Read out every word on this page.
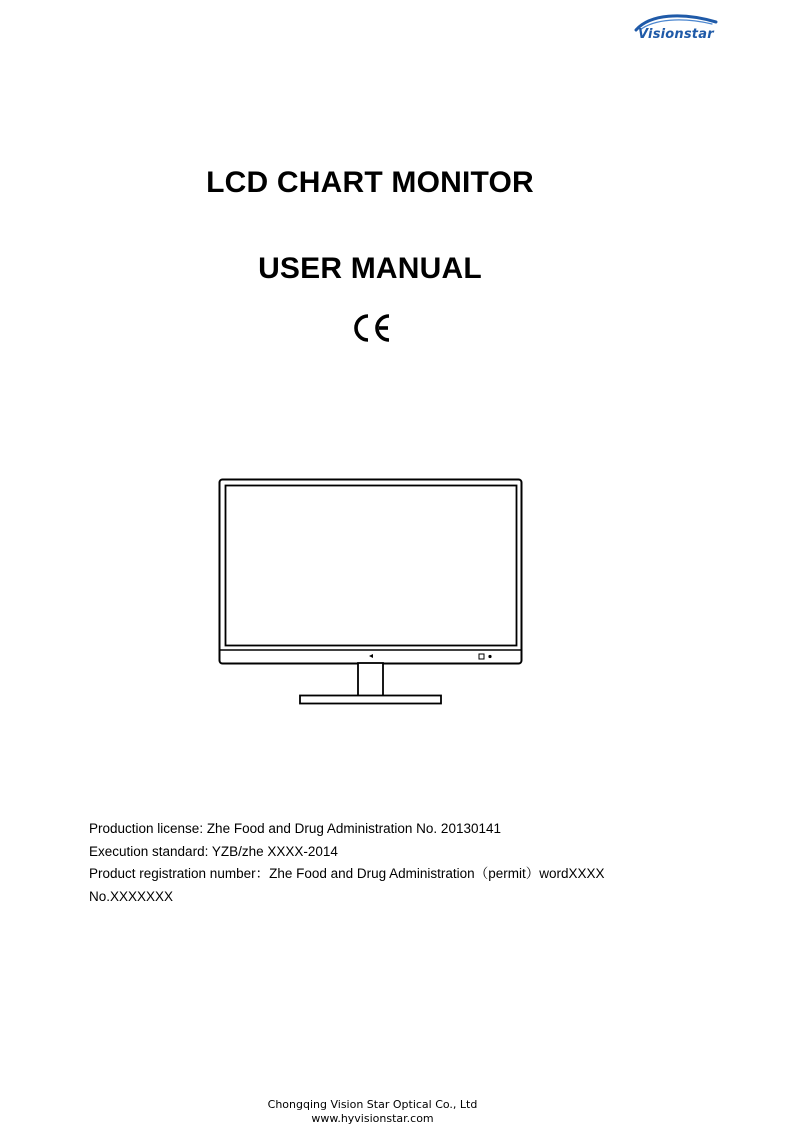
Visionstar
LCD CHART MONITOR
USER MANUAL
Production license: Zhe Food and Drug Administration No. 20130141
Execution standard: YZB/zhe XXXX-2014
Product registration number：Zhe Food and Drug Administration（permit）wordXXXX
No.XXXXXXX
Chongqing Vision Star Optical Co., Ltd
www.hyvisionstar.com
